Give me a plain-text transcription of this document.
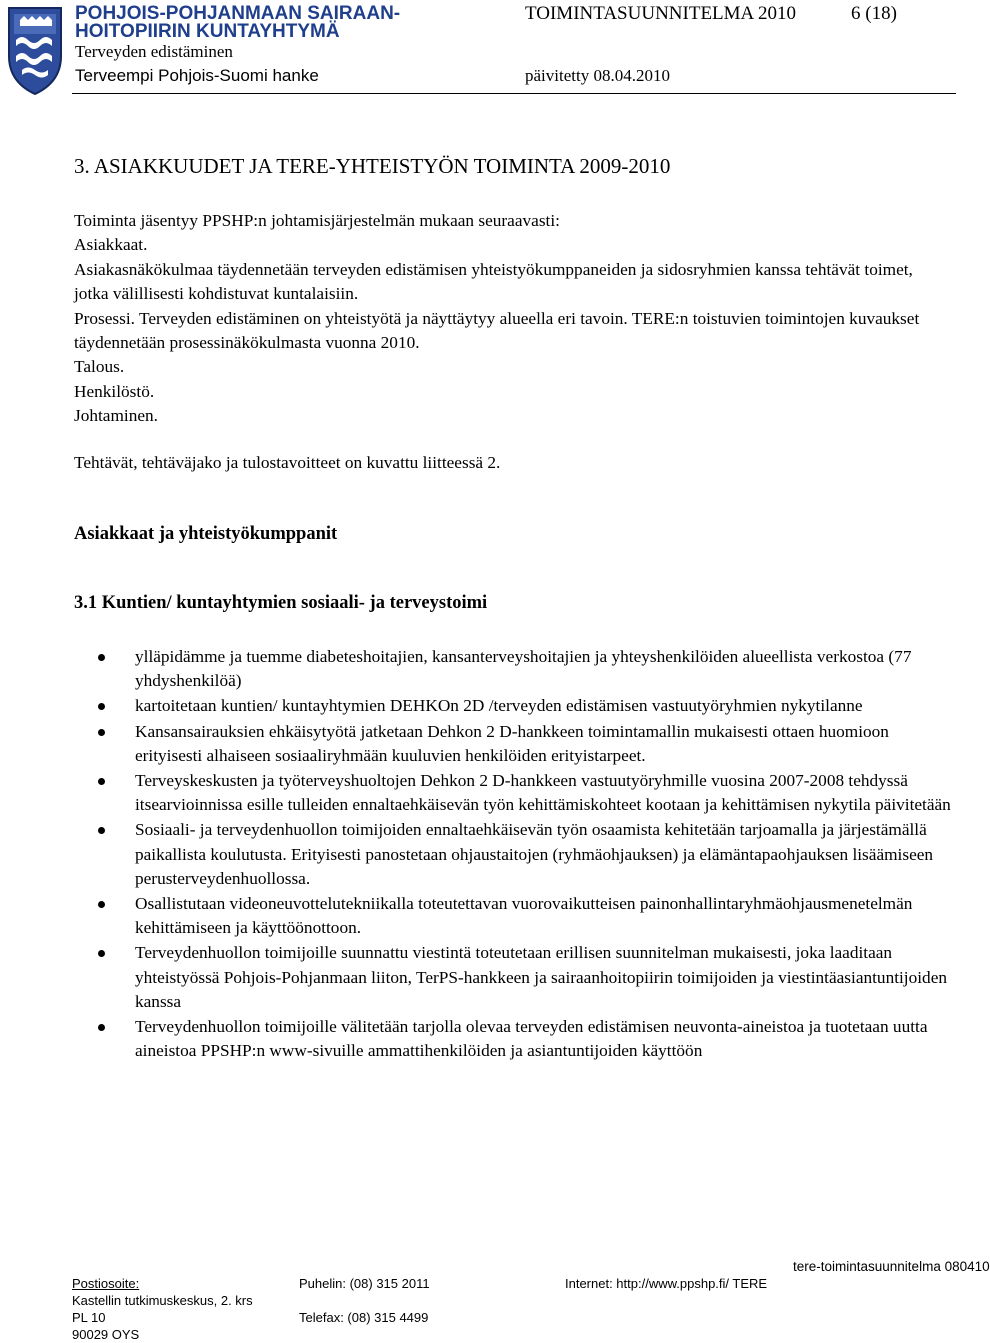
POHJOIS-POHJANMAAN SAIRAAN-
HOITOPIIRIN KUNTAYHTYMÄ
Terveyden edistäminen
Terveempi Pohjois-Suomi hanke
TOIMINTASUUNNITELMA 2010	6 (18)
päivitetty 08.04.2010
3. ASIAKKUUDET JA TERE-YHTEISTYÖN TOIMINTA 2009-2010

Toiminta jäsentyy PPSHP:n johtamisjärjestelmän mukaan seuraavasti:

Asiakkaat.

Asiakasnäkökulmaa täydennetään terveyden edistämisen yhteistyökumppaneiden ja sidosryhmien kanssa tehtävät toimet, jotka välillisesti kohdistuvat kuntalaisiin.

Prosessi. Terveyden edistäminen on yhteistyötä ja näyttäytyy alueella eri tavoin. TERE:n toistuvien toimintojen kuvaukset täydennetään prosessinäkökulmasta vuonna 2010.

Talous.

Henkilöstö.

Johtaminen.

Tehtävät, tehtäväjako ja tulostavoitteet on kuvattu liitteessä 2.
Asiakkaat ja yhteistyökumppanit
3.1 Kuntien/ kuntayhtymien sosiaali- ja terveystoimi
ylläpidämme ja tuemme diabeteshoitajien, kansanterveyshoitajien ja yhteyshenkilöiden alueellista verkostoa (77 yhdyshenkilöä)
kartoitetaan kuntien/ kuntayhtymien DEHKOn 2D /terveyden edistämisen vastuutyöryhmien nykytilanne
Kansansairauksien ehkäisytyötä jatketaan Dehkon 2 D-hankkeen toimintamallin mukaisesti ottaen huomioon erityisesti alhaiseen sosiaaliryhmään kuuluvien henkilöiden erityistarpeet.
Terveyskeskusten ja työterveyshuoltojen Dehkon 2 D-hankkeen vastuutyöryhmille vuosina 2007-2008 tehdyssä itsearvioinnissa esille tulleiden ennaltaehkäisevän työn kehittämiskohteet kootaan ja kehittämisen nykytila päivitetään
Sosiaali- ja terveydenhuollon toimijoiden ennaltaehkäisevän työn osaamista kehitetään tarjoamalla ja järjestämällä paikallista koulutusta. Erityisesti panostetaan ohjaustaitojen (ryhmäohjauksen) ja elämäntapaohjauksen lisäämiseen perusterveydenhuollossa.
Osallistutaan videoneuvottelutekniikalla toteutettavan vuorovaikutteisen painonhallintaryhmäohjausmenetelmän kehittämiseen ja käyttöönottoon.
Terveydenhuollon toimijoille suunnattu viestintä toteutetaan erillisen suunnitelman mukaisesti, joka laaditaan yhteistyössä Pohjois-Pohjanmaan liiton, TerPS-hankkeen ja sairaanhoitopiirin toimijoiden ja viestintäasiantuntijoiden kanssa
Terveydenhuollon toimijoille välitetään tarjolla olevaa terveyden edistämisen neuvonta-aineistoa ja tuotetaan uutta aineistoa PPSHP:n www-sivuille ammattihenkilöiden ja asiantuntijoiden käyttöön
tere-toimintasuunnitelma 080410
Postiosoite:
Kastellin tutkimuskeskus, 2. krs
PL 10
90029 OYS
Puhelin: (08) 315 2011
Telefax: (08) 315 4499
Internet: http://www.ppshp.fi/ TERE
